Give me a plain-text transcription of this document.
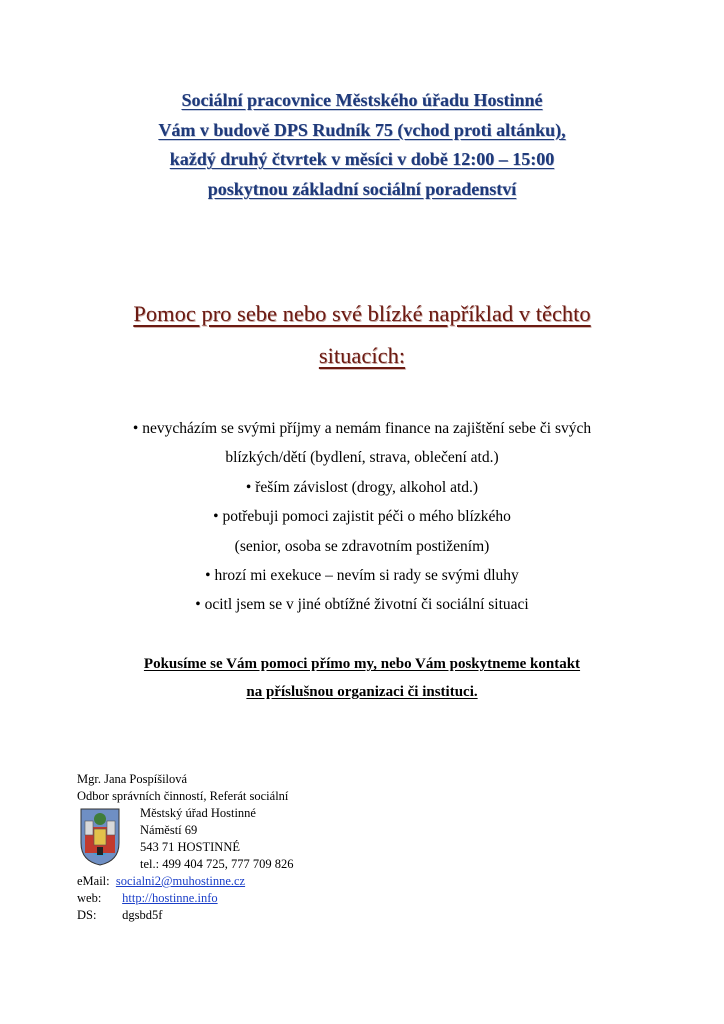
Sociální pracovnice Městského úřadu Hostinné
Vám v budově DPS Rudník 75 (vchod proti altánku),
každý druhý čtvrtek v měsíci v době 12:00 – 15:00
poskytnou základní sociální poradenství
Pomoc pro sebe nebo své blízké například v těchto
situacích:
• nevycházím se svými příjmy a nemám finance na zajištění sebe či svých
blízkých/dětí (bydlení, strava, oblečení atd.)
• řeším závislost (drogy, alkohol atd.)
• potřebuji pomoci zajistit péči o mého blízkého
(senior, osoba se zdravotním postižením)
• hrozí mi exekuce – nevím si rady se svými dluhy
• ocitl jsem se v jiné obtížné životní či sociální situaci
Pokusíme se Vám pomoci přímo my, nebo Vám poskytneme kontakt
na příslušnou organizaci či instituci.
Mgr. Jana Pospíšilová
Odbor správních činností, Referát sociální
Městský úřad Hostinné
Náměstí 69
543 71 HOSTINNÉ
tel.: 499 404 725, 777 709 826
eMail: socialni2@muhostinne.cz
web: http://hostinne.info
DS: dgsbd5f
